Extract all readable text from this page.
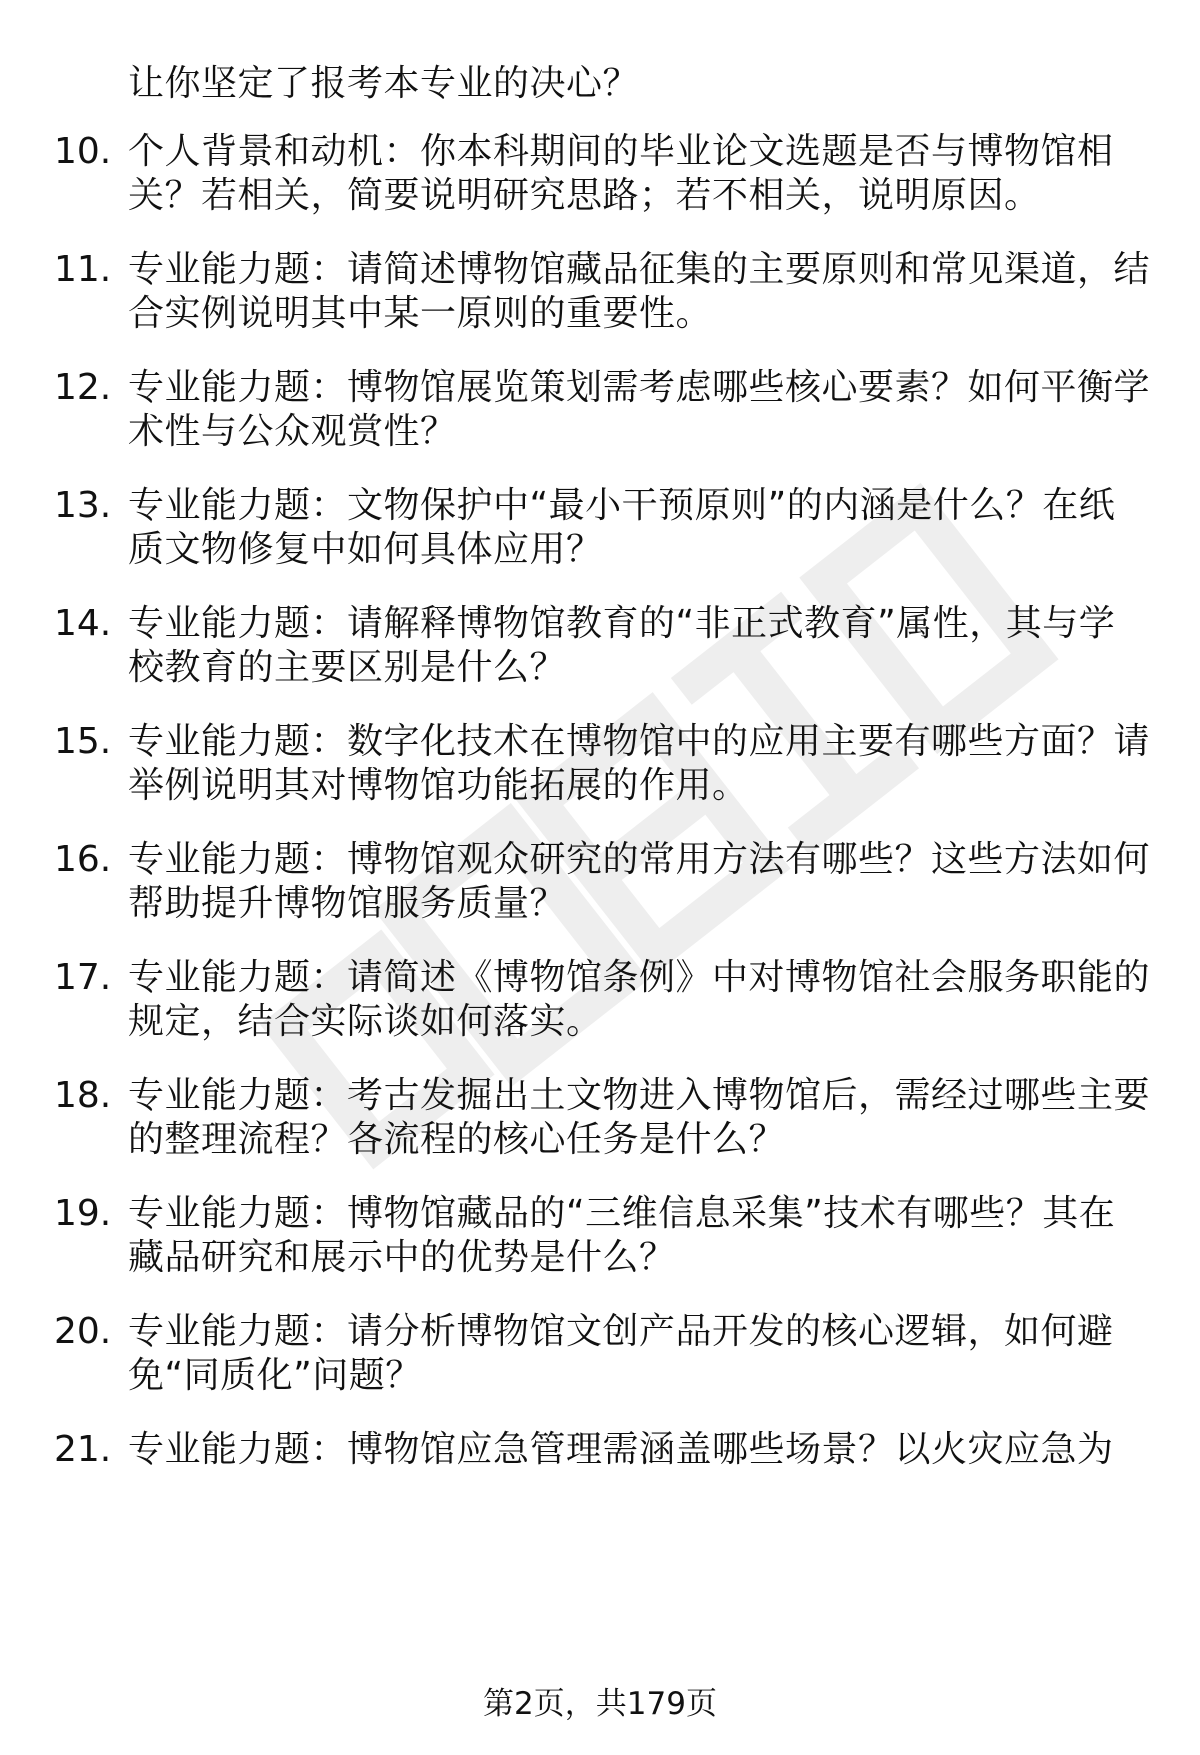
让你坚定了报考本专业的决心？
10. 个人背景和动机：你本科期间的毕业论文选题是否与博物馆相
关？若相关，简要说明研究思路；若不相关，说明原因。
11. 专业能力题：请简述博物馆藏品征集的主要原则和常见渠道，结
合实例说明其中某一原则的重要性。
12. 专业能力题：博物馆展览策划需考虑哪些核心要素？如何平衡学
术性与公众观赏性？
13. 专业能力题：文物保护中“最小干预原则”的内涵是什么？在纸
质文物修复中如何具体应用？
14. 专业能力题：请解释博物馆教育的“非正式教育”属性，其与学
校教育的主要区别是什么？
15. 专业能力题：数字化技术在博物馆中的应用主要有哪些方面？请
举例说明其对博物馆功能拓展的作用。
16. 专业能力题：博物馆观众研究的常用方法有哪些？这些方法如何
帮助提升博物馆服务质量？
17. 专业能力题：请简述《博物馆条例》中对博物馆社会服务职能的
规定，结合实际谈如何落实。
18. 专业能力题：考古发掘出土文物进入博物馆后，需经过哪些主要
的整理流程？各流程的核心任务是什么？
19. 专业能力题：博物馆藏品的“三维信息采集”技术有哪些？其在
藏品研究和展示中的优势是什么？
20. 专业能力题：请分析博物馆文创产品开发的核心逻辑，如何避
免“同质化”问题？
21. 专业能力题：博物馆应急管理需涵盖哪些场景？以火灾应急为
第2页，共179页
